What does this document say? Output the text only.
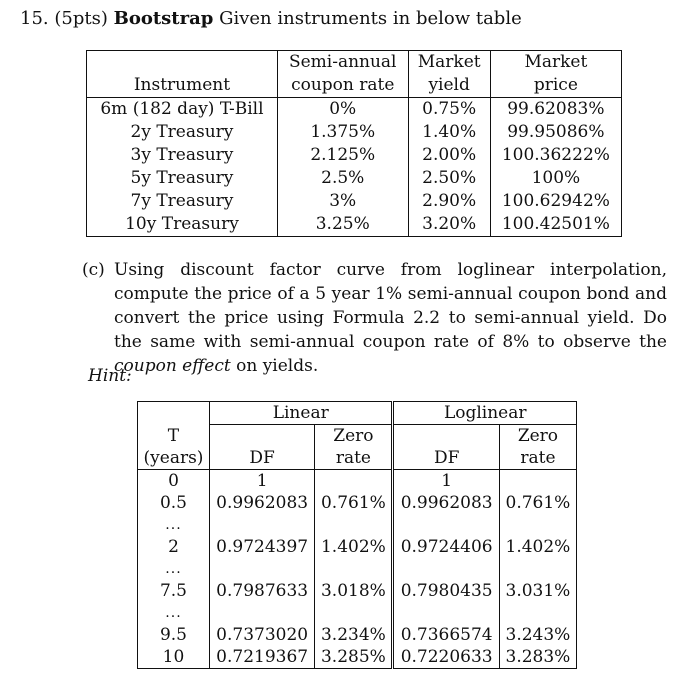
15. (5pts) Bootstrap Given instruments in below table
	Semi-annual	Market	Market
Instrument	coupon rate	yield	price
6m (182 day) T-Bill	0%	0.75%	99.62083%
2y Treasury	1.375%	1.40%	99.95086%
3y Treasury	2.125%	2.00%	100.36222%
5y Treasury	2.5%	2.50%	100%
7y Treasury	3%	2.90%	100.62942%
10y Treasury	3.25%	3.20%	100.42501%
(c) Using discount factor curve from loglinear interpolation, compute the price of a 5 year 1% semi-annual coupon bond and convert the price using Formula 2.2 to semi-annual yield. Do the same with semi-annual coupon rate of 8% to observe the coupon effect on yields.
Hint:
	Linear		Loglinear	
T		Zero		Zero
(years)	DF	rate	DF	rate
0	1		1	
0.5	0.9962083	0.761%	0.9962083	0.761%
...				
2	0.9724397	1.402%	0.9724406	1.402%
...				
7.5	0.7987633	3.018%	0.7980435	3.031%
...				
9.5	0.7373020	3.234%	0.7366574	3.243%
10	0.7219367	3.285%	0.7220633	3.283%
